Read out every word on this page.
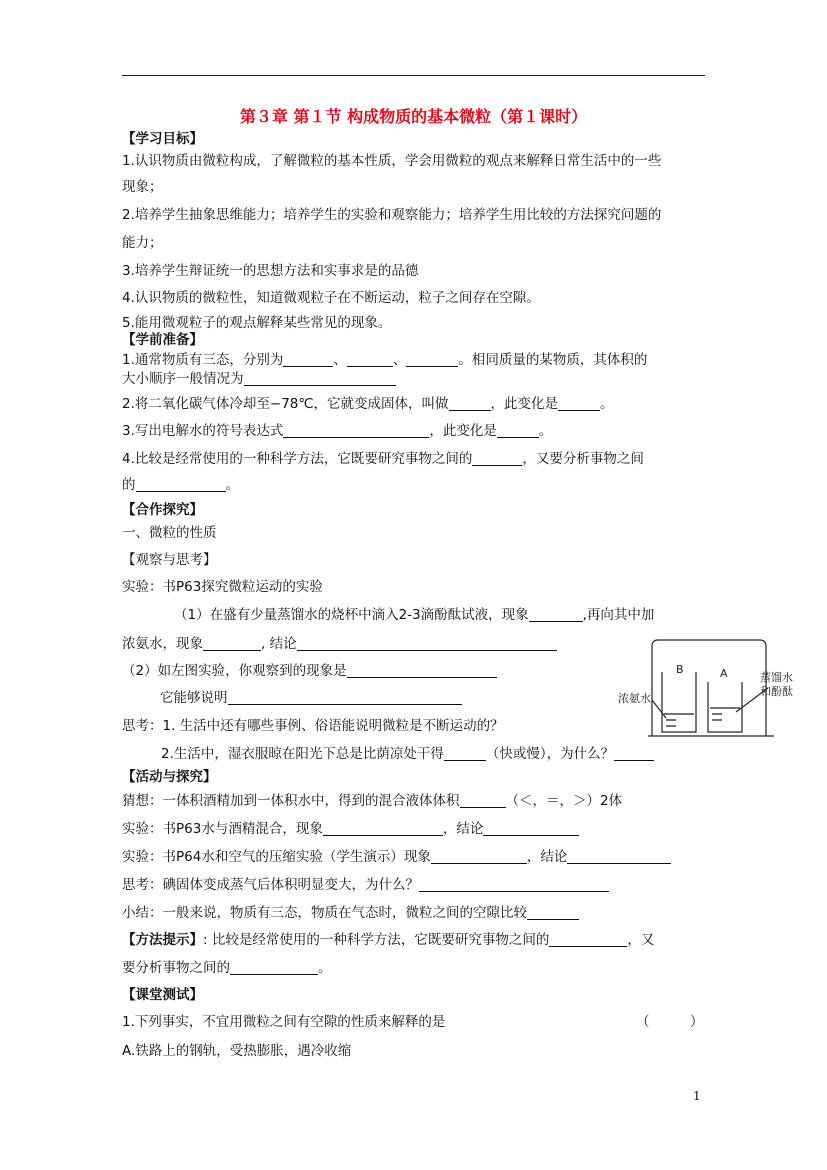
第３章 第１节 构成物质的基本微粒（第１课时）
【学习目标】
1.认识物质由微粒构成，了解微粒的基本性质，学会用微粒的观点来解释日常生活中的一些
现象；
2.培养学生抽象思维能力；培养学生的实验和观察能力；培养学生用比较的方法探究问题的
能力；
3.培养学生辩证统一的思想方法和实事求是的品德
4.认识物质的微粒性，知道微观粒子在不断运动，粒子之间存在空隙。
5.能用微观粒子的观点解释某些常见的现象。
【学前准备】
1.通常物质有三态，分别为	、	、	。相同质量的某物质，其体积的
大小顺序一般情况为
2.将二氧化碳气体冷却至−78℃，它就变成固体，叫做	，此变化是	。
3.写出电解水的符号表达式	，此变化是	。
4.比较是经常使用的一种科学方法，它既要研究事物之间的	，又要分析事物之间
的	。
【合作探究】
一、微粒的性质
【观察与思考】
实验：书P63探究微粒运动的实验
（1）在盛有少量蒸馏水的烧杯中滴入2-3滴酚酞试液，现象	,再向其中加
浓氨水，现象	, 结论
（2）如左图实验，你观察到的现象是
它能够说明
思考：1. 生活中还有哪些事例、俗语能说明微粒是不断运动的？
2.生活中，湿衣服晾在阳光下总是比荫凉处干得	（快或慢），为什么？
B	A
浓氨水
蒸馏水
和酚酞
【活动与探究】
猜想：一体积酒精加到一体积水中，得到的混合液体体积	（＜，＝，＞）2体
实验：书P63水与酒精混合，现象	，结论
实验：书P64水和空气的压缩实验（学生演示）现象	，结论
思考：碘固体变成蒸气后体积明显变大，为什么？
小结：一般来说，物质有三态，物质在气态时，微粒之间的空隙比较
【方法提示】: 比较是经常使用的一种科学方法，它既要研究事物之间的	，又
要分析事物之间的	。
【课堂测试】
1.下列事实，不宜用微粒之间有空隙的性质来解释的是	（　　　）
A.铁路上的钢轨，受热膨胀，遇冷收缩
1
